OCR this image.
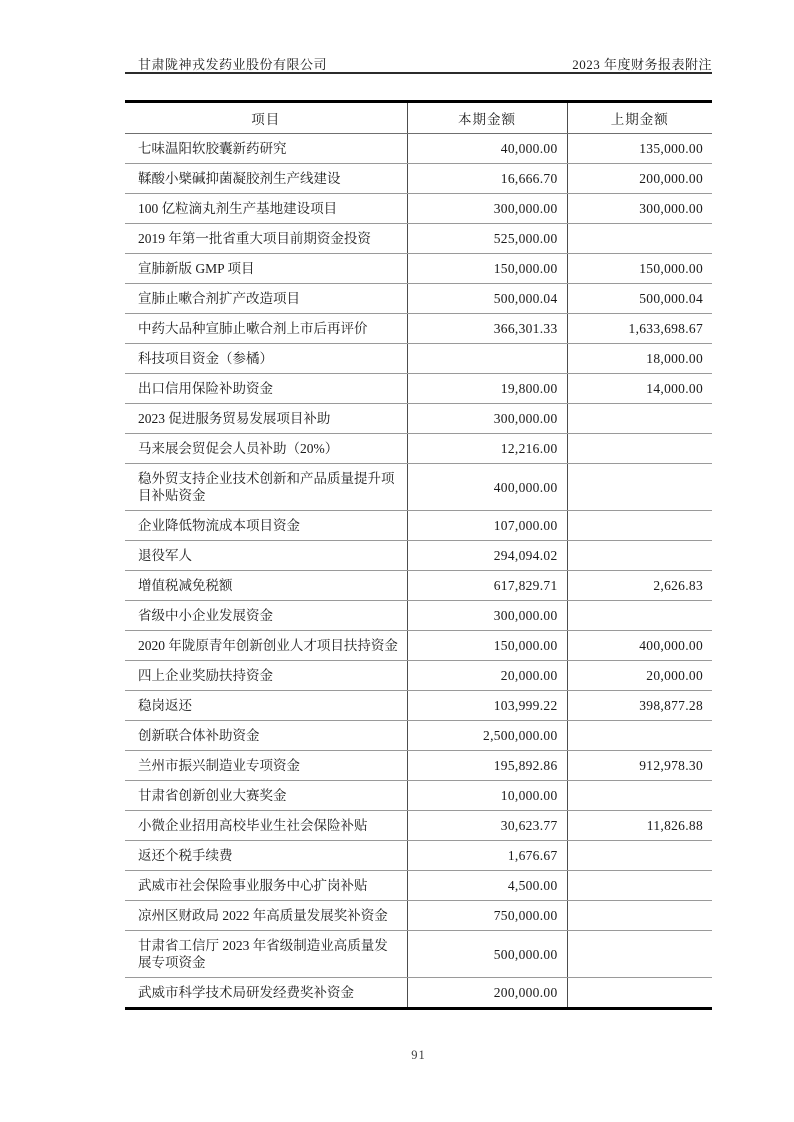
甘肃陇神戎发药业股份有限公司	2023 年度财务报表附注
项目	本期金额	上期金额
七味温阳软胶囊新药研究	40,000.00	135,000.00
鞣酸小檗碱抑菌凝胶剂生产线建设	16,666.70	200,000.00
100 亿粒滴丸剂生产基地建设项目	300,000.00	300,000.00
2019 年第一批省重大项目前期资金投资	525,000.00	
宣肺新版 GMP 项目	150,000.00	150,000.00
宣肺止嗽合剂扩产改造项目	500,000.04	500,000.04
中药大品种宣肺止嗽合剂上市后再评价	366,301.33	1,633,698.67
科技项目资金（参橘）		18,000.00
出口信用保险补助资金	19,800.00	14,000.00
2023 促进服务贸易发展项目补助	300,000.00	
马来展会贸促会人员补助（20%）	12,216.00	
稳外贸支持企业技术创新和产品质量提升项目补贴资金	400,000.00	
企业降低物流成本项目资金	107,000.00	
退役军人	294,094.02	
增值税减免税额	617,829.71	2,626.83
省级中小企业发展资金	300,000.00	
2020 年陇原青年创新创业人才项目扶持资金	150,000.00	400,000.00
四上企业奖励扶持资金	20,000.00	20,000.00
稳岗返还	103,999.22	398,877.28
创新联合体补助资金	2,500,000.00	
兰州市振兴制造业专项资金	195,892.86	912,978.30
甘肃省创新创业大赛奖金	10,000.00	
小微企业招用高校毕业生社会保险补贴	30,623.77	11,826.88
返还个税手续费	1,676.67	
武威市社会保险事业服务中心扩岗补贴	4,500.00	
凉州区财政局 2022 年高质量发展奖补资金	750,000.00	
甘肃省工信厅 2023 年省级制造业高质量发展专项资金	500,000.00	
武威市科学技术局研发经费奖补资金	200,000.00	
91
